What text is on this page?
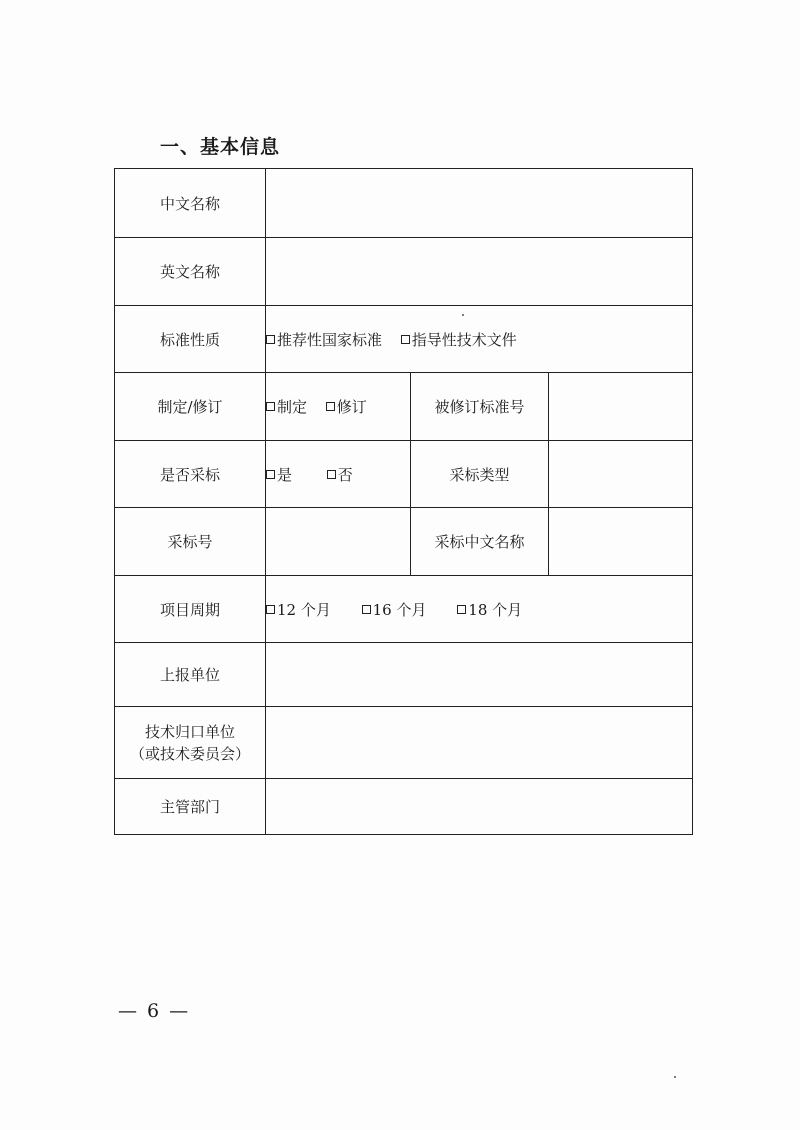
一、基本信息
中文名称			
英文名称			
标准性质	推荐性国家标准 指导性技术文件		
制定/修订	制定 修订	被修订标准号	
是否采标	是 否	采标类型	
采标号		采标中文名称	
项目周期	12 个月 16 个月 18 个月		
上报单位			

技术归口单位
（或技术委员会）			

主管部门			
— 6 —
